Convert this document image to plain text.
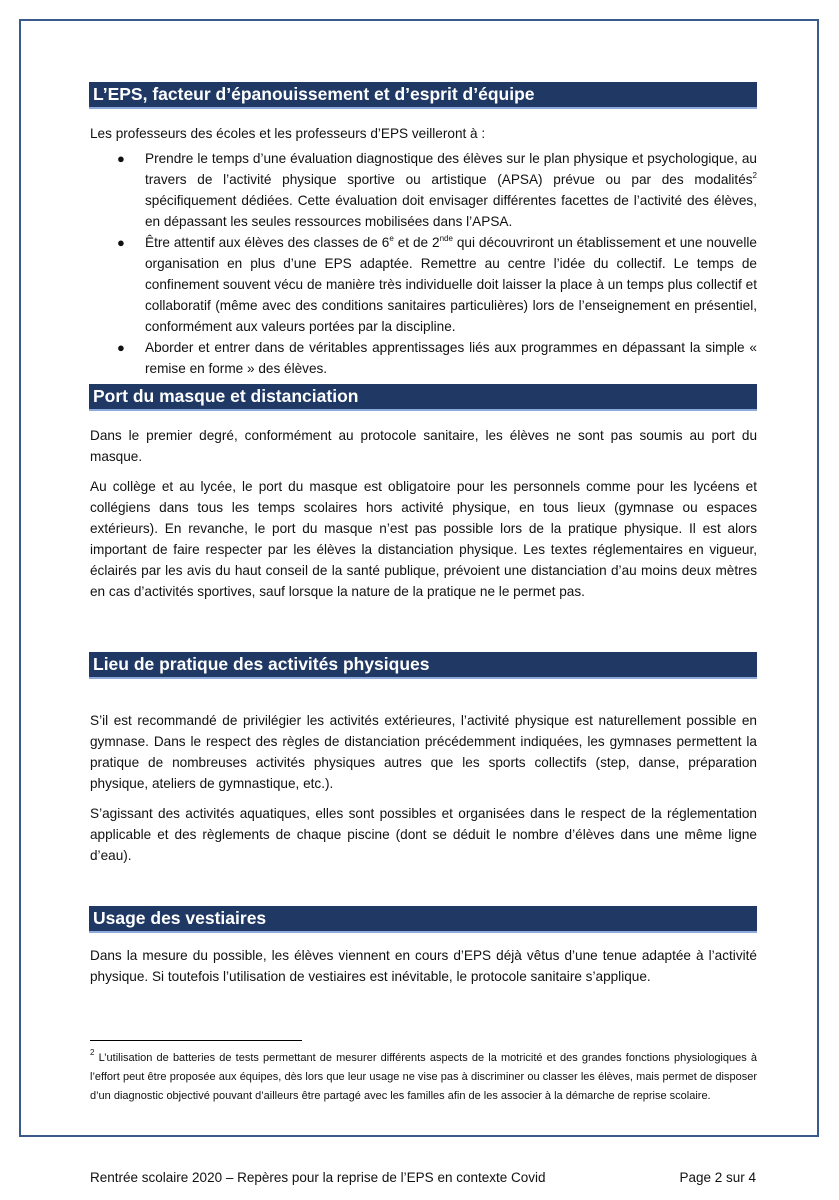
L’EPS, facteur d’épanouissement et d’esprit d’équipe

Les professeurs des écoles et les professeurs d’EPS veilleront à :

● Prendre le temps d’une évaluation diagnostique des élèves sur le plan physique et psychologique, au travers de l’activité physique sportive ou artistique (APSA) prévue ou par des modalités$^2$ spécifiquement dédiées. Cette évaluation doit envisager différentes facettes de l’activité des élèves, en dépassant les seules ressources mobilisées dans l’APSA.
● Être attentif aux élèves des classes de 6e et de 2nde qui découvriront un établissement et une nouvelle organisation en plus d’une EPS adaptée. Remettre au centre l’idée du collectif. Le temps de confinement souvent vécu de manière très individuelle doit laisser la place à un temps plus collectif et collaboratif (même avec des conditions sanitaires particulières) lors de l’enseignement en présentiel, conformément aux valeurs portées par la discipline.
● Aborder et entrer dans de véritables apprentissages liés aux programmes en dépassant la simple « remise en forme » des élèves.
Port du masque et distanciation

Dans le premier degré, conformément au protocole sanitaire, les élèves ne sont pas soumis au port du masque.

Au collège et au lycée, le port du masque est obligatoire pour les personnels comme pour les lycéens et collégiens dans tous les temps scolaires hors activité physique, en tous lieux (gymnase ou espaces extérieurs). En revanche, le port du masque n’est pas possible lors de la pratique physique. Il est alors important de faire respecter par les élèves la distanciation physique. Les textes réglementaires en vigueur, éclairés par les avis du haut conseil de la santé publique, prévoient une distanciation d’au moins deux mètres en cas d’activités sportives, sauf lorsque la nature de la pratique ne le permet pas.

Lieu de pratique des activités physiques

S’il est recommandé de privilégier les activités extérieures, l’activité physique est naturellement possible en gymnase. Dans le respect des règles de distanciation précédemment indiquées, les gymnases permettent la pratique de nombreuses activités physiques autres que les sports collectifs (step, danse, préparation physique, ateliers de gymnastique, etc.).

S’agissant des activités aquatiques, elles sont possibles et organisées dans le respect de la réglementation applicable et des règlements de chaque piscine (dont se déduit le nombre d’élèves dans une même ligne d’eau).

Usage des vestiaires

Dans la mesure du possible, les élèves viennent en cours d’EPS déjà vêtus d’une tenue adaptée à l’activité physique. Si toutefois l’utilisation de vestiaires est inévitable, le protocole sanitaire s’applique.

$^2$ L’utilisation de batteries de tests permettant de mesurer différents aspects de la motricité et des grandes fonctions physiologiques à l’effort peut être proposée aux équipes, dès lors que leur usage ne vise pas à discriminer ou classer les élèves, mais permet de disposer d’un diagnostic objectivé pouvant d’ailleurs être partagé avec les familles afin de les associer à la démarche de reprise scolaire.

Rentrée scolaire 2020 – Repères pour la reprise de l’EPS en contexte Covid	Page 2 sur 4
